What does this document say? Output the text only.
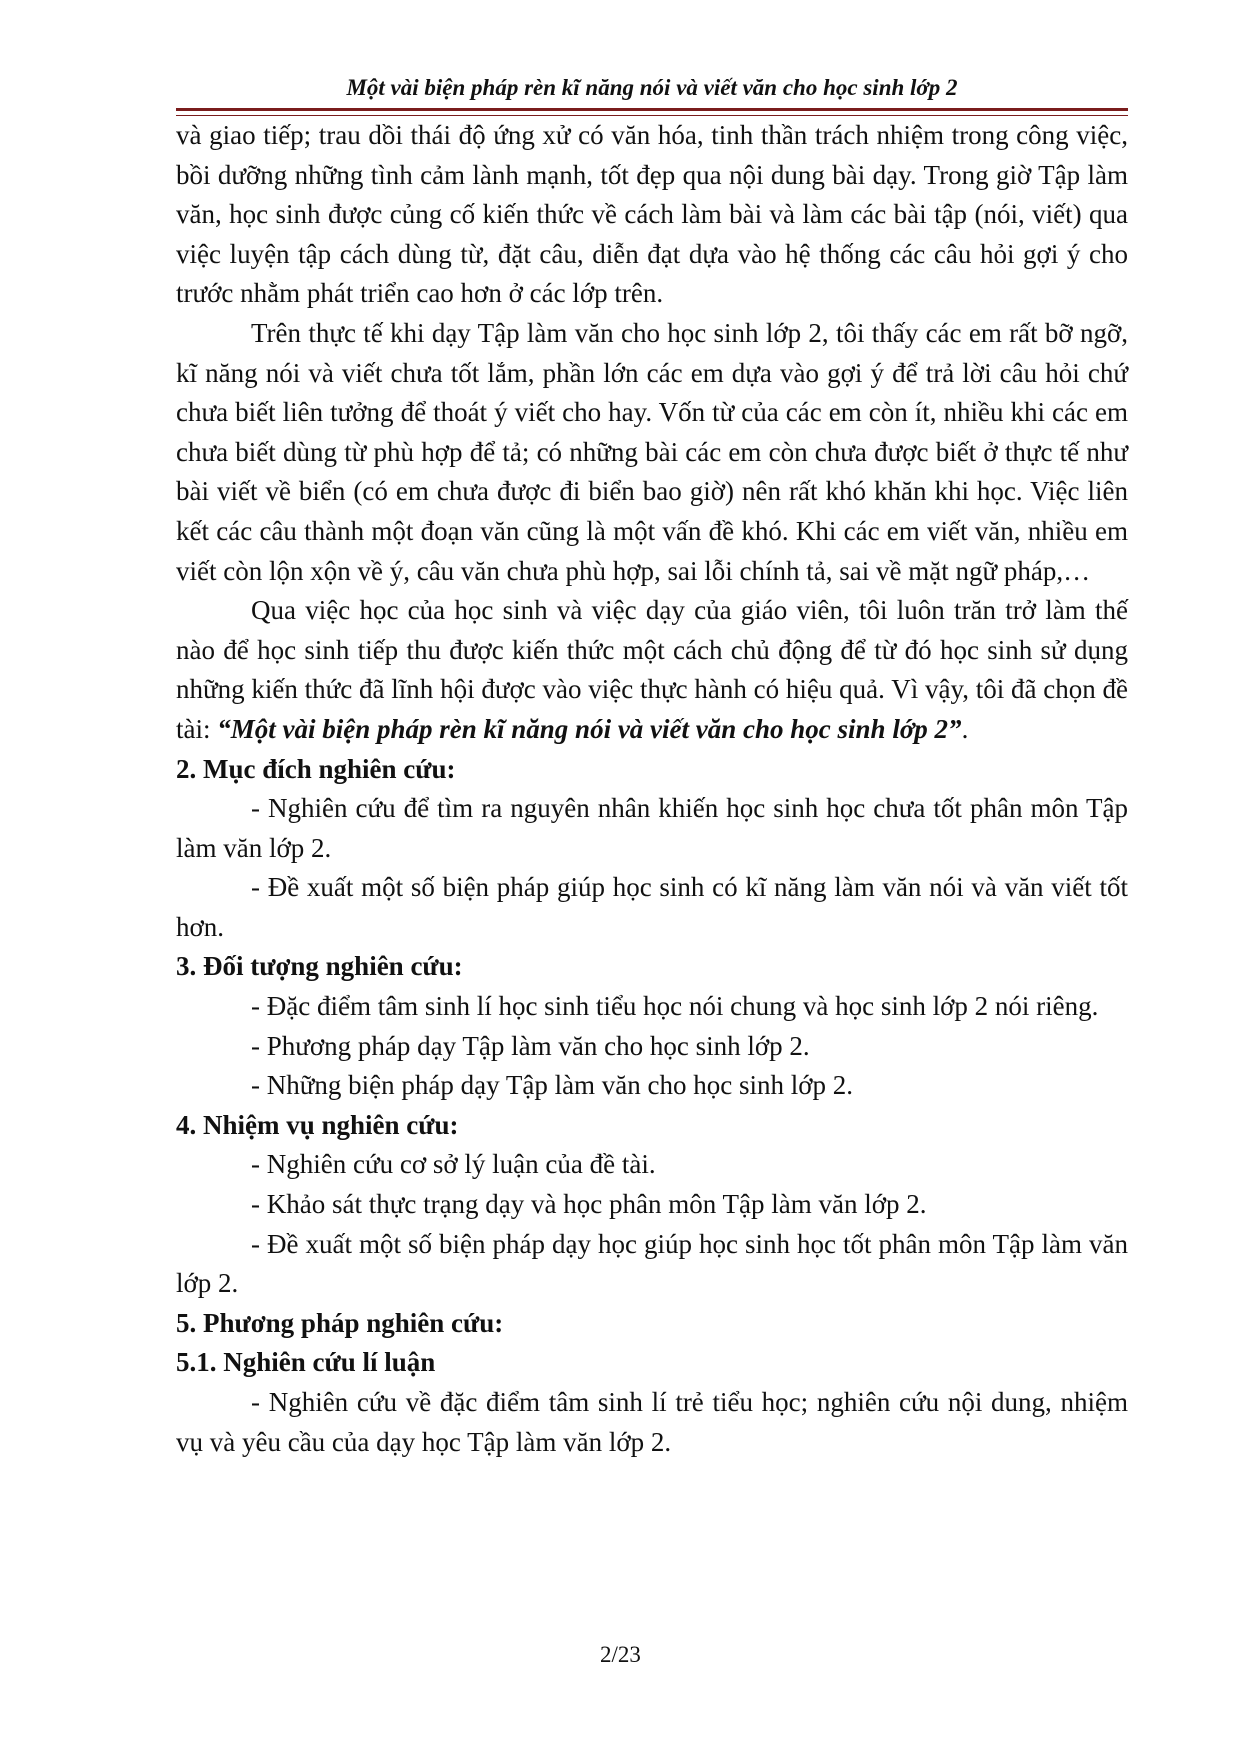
Một vài biện pháp rèn kĩ năng nói và viết văn cho học sinh lớp 2

và giao tiếp; trau dồi thái độ ứng xử có văn hóa, tinh thần trách nhiệm trong công việc, bồi dưỡng những tình cảm lành mạnh, tốt đẹp qua nội dung bài dạy. Trong giờ Tập làm văn, học sinh được củng cố kiến thức về cách làm bài và làm các bài tập (nói, viết) qua việc luyện tập cách dùng từ, đặt câu, diễn đạt dựa vào hệ thống các câu hỏi gợi ý cho trước nhằm phát triển cao hơn ở các lớp trên.

Trên thực tế khi dạy Tập làm văn cho học sinh lớp 2, tôi thấy các em rất bỡ ngỡ, kĩ năng nói và viết chưa tốt lắm, phần lớn các em dựa vào gợi ý để trả lời câu hỏi chứ chưa biết liên tưởng để thoát ý viết cho hay. Vốn từ của các em còn ít, nhiều khi các em chưa biết dùng từ phù hợp để tả; có những bài các em còn chưa được biết ở thực tế như bài viết về biển (có em chưa được đi biển bao giờ) nên rất khó khăn khi học. Việc liên kết các câu thành một đoạn văn cũng là một vấn đề khó. Khi các em viết văn, nhiều em viết còn lộn xộn về ý, câu văn chưa phù hợp, sai lỗi chính tả, sai về mặt ngữ pháp,…

Qua việc học của học sinh và việc dạy của giáo viên, tôi luôn trăn trở làm thế nào để học sinh tiếp thu được kiến thức một cách chủ động để từ đó học sinh sử dụng những kiến thức đã lĩnh hội được vào việc thực hành có hiệu quả. Vì vậy, tôi đã chọn đề tài: “Một vài biện pháp rèn kĩ năng nói và viết văn cho học sinh lớp 2”.

2. Mục đích nghiên cứu:

- Nghiên cứu để tìm ra nguyên nhân khiến học sinh học chưa tốt phân môn Tập làm văn lớp 2.

- Đề xuất một số biện pháp giúp học sinh có kĩ năng làm văn nói và văn viết tốt hơn.

3. Đối tượng nghiên cứu:

- Đặc điểm tâm sinh lí học sinh tiểu học nói chung và học sinh lớp 2 nói riêng.

- Phương pháp dạy Tập làm văn cho học sinh lớp 2.

- Những biện pháp dạy Tập làm văn cho học sinh lớp 2.

4. Nhiệm vụ nghiên cứu:

- Nghiên cứu cơ sở lý luận của đề tài.

- Khảo sát thực trạng dạy và học phân môn Tập làm văn lớp 2.

- Đề xuất một số biện pháp dạy học giúp học sinh học tốt phân môn Tập làm văn lớp 2.

5. Phương pháp nghiên cứu:

5.1. Nghiên cứu lí luận

- Nghiên cứu về đặc điểm tâm sinh lí trẻ tiểu học; nghiên cứu nội dung, nhiệm vụ và yêu cầu của dạy học Tập làm văn lớp 2.

2/23
